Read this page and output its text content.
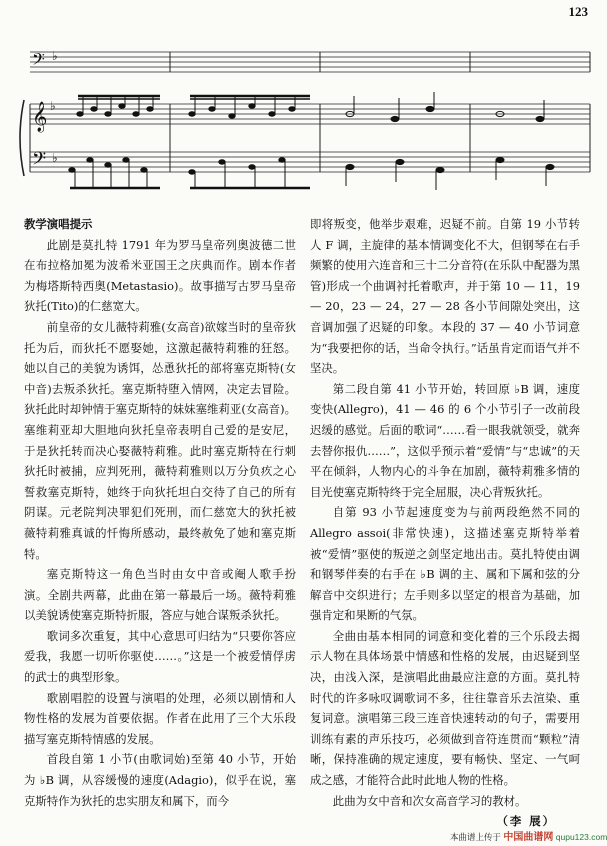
123
𝄢 ♭
𝄞 ♭
𝄢 ♭

教学演唱提示

此剧是莫扎特 1791 年为罗马皇帝列奥波德二世在布拉格加冕为波希米亚国王之庆典而作。剧本作者为梅塔斯特西奥(Metastasio)。故事描写古罗马皇帝狄托(Tito)的仁慈宽大。

前皇帝的女儿薇特莉雅(女高音)欲嫁当时的皇帝狄托为后，而狄托不愿娶她，这激起薇特莉雅的狂怒。她以自己的美貌为诱饵，怂恿狄托的部将塞克斯特(女中音)去叛杀狄托。塞克斯特堕入情网，决定去冒险。狄托此时却钟情于塞克斯特的妹妹塞维莉亚(女高音)。塞维莉亚却大胆地向狄托皇帝表明自己爱的是安尼，于是狄托转而决心娶薇特莉雅。此时塞克斯特在行刺狄托时被捕，应判死刑，薇特莉雅则以万分负疚之心誓救塞克斯特，她终于向狄托坦白交待了自己的所有阴谋。元老院判决罪犯们死刑，而仁慈宽大的狄托被薇特莉雅真诚的忏悔所感动，最终赦免了她和塞克斯特。

塞克斯特这一角色当时由女中音或阉人歌手扮演。全剧共两幕，此曲在第一幕最后一场。薇特莉雅以美貌诱使塞克斯特折服，答应与她合谋叛杀狄托。

歌词多次重复，其中心意思可归结为“只要你答应爱我，我愿一切听你驱使……。”这是一个被爱情俘虏的武士的典型形象。

歌剧唱腔的设置与演唱的处理，必须以剧情和人物性格的发展为首要依据。作者在此用了三个大乐段描写塞克斯特情感的发展。

首段自第 1 小节(由歌词始)至第 40 小节，开始为 ♭B 调，从容缓慢的速度(Adagio)，似乎在说，塞克斯特作为狄托的忠实朋友和属下，而今

即将叛变，他举步艰难，迟疑不前。自第 19 小节转人 F 调，主旋律的基本情调变化不大，但钢琴在右手频繁的使用六连音和三十二分音符(在乐队中配器为黑管)形成一个曲调衬托着歌声，并于第 10 — 11，19 — 20，23 — 24，27 — 28 各小节间隙处突出，这音调加强了迟疑的印象。本段的 37 — 40 小节词意为“我要把你的话，当命令执行。”话虽肯定而语气并不坚决。

第二段自第 41 小节开始，转回原 ♭B 调，速度变快(Allegro)，41 — 46 的 6 个小节引子一改前段迟缓的感觉。后面的歌词“……看一眼我就领受，就奔去替你报仇……”，这似乎预示着“爱情”与“忠诚”的天平在倾斜，人物内心的斗争在加剧，薇特莉雅多情的目光使塞克斯特终于完全屈服，决心背叛狄托。

自第 93 小节起速度变为与前两段绝然不同的 Allegro assoi(非常快速)，这描述塞克斯特举着被“爱情”驱使的叛逆之剑坚定地出击。莫扎特使由调和钢琴伴奏的右手在 ♭B 调的主、属和下属和弦的分解音中交织进行；左手则多以坚定的根音为基础，加强肯定和果断的气氛。

全曲由基本相同的词意和变化着的三个乐段去揭示人物在具体场景中情感和性格的发展，由迟疑到坚决，由浅入深，是演唱此曲最应注意的方面。莫扎特时代的许多咏叹调歌词不多，往往靠音乐去渲染、重复词意。演唱第三段三连音快速转动的句子，需要用训练有素的声乐技巧，必须做到音符连贯而“颗粒”清晰，保持准确的规定速度，要有畅快、坚定、一气呵成之感，才能符合此时此地人物的性格。

此曲为女中音和次女高音学习的教材。

（李 展）

本曲谱上传于 中国曲谱网 qupu123.com
